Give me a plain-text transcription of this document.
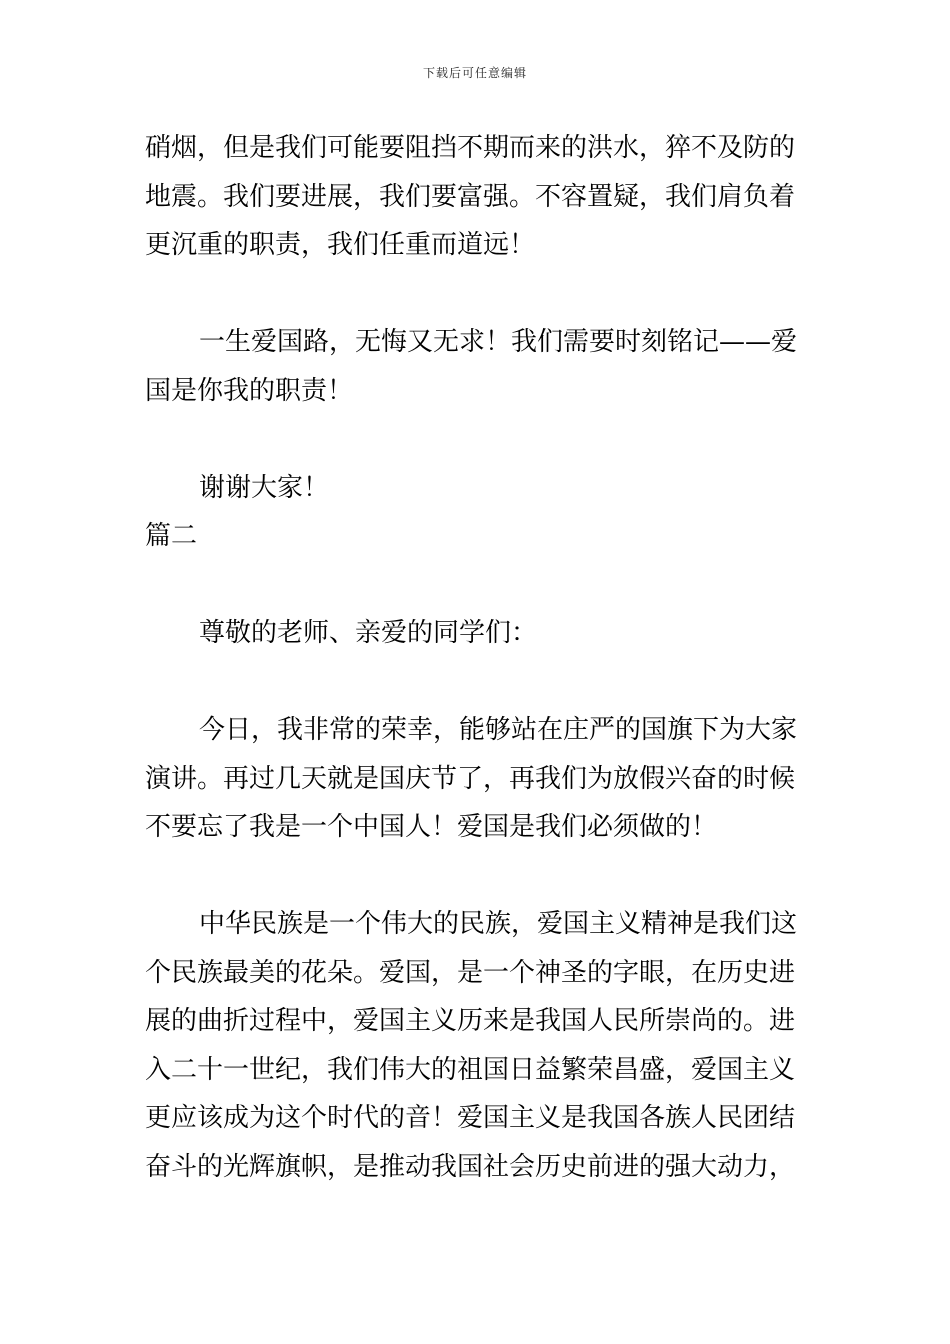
下载后可任意编辑

硝烟，但是我们可能要阻挡不期而来的洪水，猝不及防的

地震。我们要进展，我们要富强。不容置疑，我们肩负着

更沉重的职责，我们任重而道远！

一生爱国路，无悔又无求！我们需要时刻铭记——爱

国是你我的职责！

谢谢大家！

篇二

尊敬的老师、亲爱的同学们：

今日，我非常的荣幸，能够站在庄严的国旗下为大家

演讲。再过几天就是国庆节了，再我们为放假兴奋的时候

不要忘了我是一个中国人！爱国是我们必须做的！

中华民族是一个伟大的民族，爱国主义精神是我们这

个民族最美的花朵。爱国，是一个神圣的字眼，在历史进

展的曲折过程中，爱国主义历来是我国人民所崇尚的。进

入二十一世纪，我们伟大的祖国日益繁荣昌盛，爱国主义

更应该成为这个时代的音！爱国主义是我国各族人民团结

奋斗的光辉旗帜，是推动我国社会历史前进的强大动力，
